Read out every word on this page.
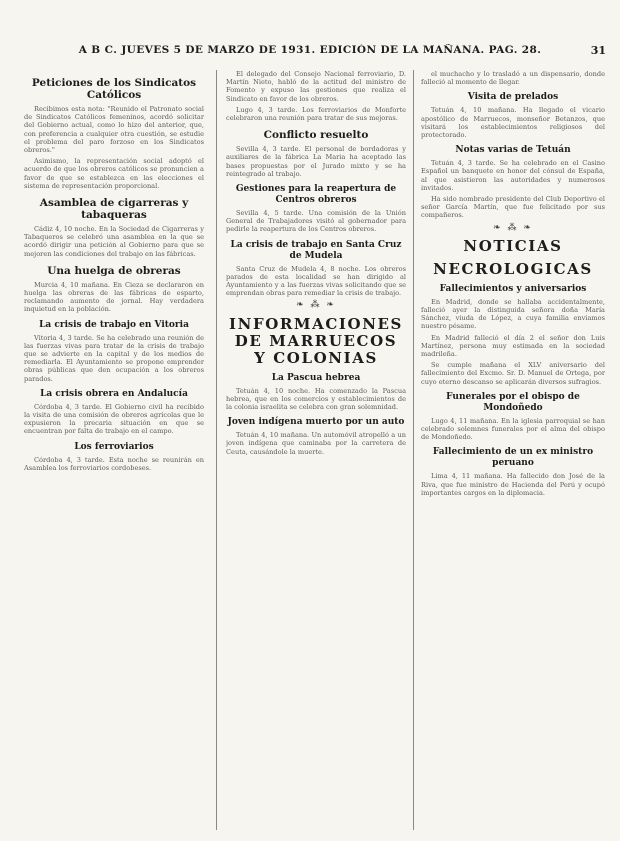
A B C. JUEVES 5 DE MARZO DE 1931. EDICIÓN DE LA MAÑANA. PAG. 28.	31
Peticiones de los Sindicatos Católicos

Recibimos esta nota: "Reunido el Patronato social de Sindicatos Católicos femeninos, acordó solicitar del Gobierno actual, como lo hizo del anterior, que, con preferencia a cualquier otra cuestión, se estudie el problema del paro forzoso en los Sindicatos obreros."

Asimismo, la representación social adoptó el acuerdo de que los obreros católicos se pronuncien a favor de que se establezca en las elecciones el sistema de representación proporcional.

Asamblea de cigarreras y tabaqueras

Cádiz 4, 10 noche. En la Sociedad de Cigarreras y Tabaqueros se celebró una asamblea en la que se acordó dirigir una petición al Gobierno para que se mejoren las condiciones del trabajo en las fábricas.

Una huelga de obreras

Murcia 4, 10 mañana. En Cieza se declararon en huelga las obreras de las fábricas de esparto, reclamando aumento de jornal. Hay verdadera inquietud en la población.

La crisis de trabajo en Vitoria

Vitoria 4, 3 tarde. Se ha celebrado una reunión de las fuerzas vivas para tratar de la crisis de trabajo que se advierte en la capital y de los medios de remediarla. El Ayuntamiento se propone emprender obras públicas que den ocupación a los obreros parados.

La crisis obrera en Andalucía

Córdoba 4, 3 tarde. El Gobierno civil ha recibido la visita de una comisión de obreros agrícolas que le expusieron la precaria situación en que se encuentran por falta de trabajo en el campo.

Los ferroviarios

Córdoba 4, 3 tarde. Esta noche se reunirán en Asamblea los ferroviarios cordobeses.

El delegado del Consejo Nacional ferroviario, D. Martín Nieto, habló de la actitud del ministro de Fomento y expuso las gestiones que realiza el Sindicato en favor de los obreros.

Lugo 4, 3 tarde. Los ferroviarios de Monforte celebraron una reunión para tratar de sus mejoras.

Conflicto resuelto

Sevilla 4, 3 tarde. El personal de bordadoras y auxiliares de la fábrica La Maria ha aceptado las bases propuestas por el Jurado mixto y se ha reintegrado al trabajo.

Gestiones para la reapertura de Centros obreros

Sevilla 4, 5 tarde. Una comisión de la Unión General de Trabajadores visitó al gobernador para pedirle la reapertura de los Centros obreros.

La crisis de trabajo en Santa Cruz de Mudela

Santa Cruz de Mudela 4, 8 noche. Los obreros parados de esta localidad se han dirigido al Ayuntamiento y a las fuerzas vivas solicitando que se emprendan obras para remediar la crisis de trabajo.

❧ ⁂ ❧
INFORMACIONES DE MARRUECOS Y COLONIAS
La Pascua hebrea

Tetuán 4, 10 noche. Ha comenzado la Pascua hebrea, que en los comercios y establecimientos de la colonia israelita se celebra con gran solemnidad.

Joven indígena muerto por un auto

Tetuán 4, 10 mañana. Un automóvil atropelló a un joven indígena que caminaba por la carretera de Ceuta, causándole la muerte.

el muchacho y lo trasladó a un dispensario, donde falleció al momento de llegar.

Visita de prelados

Tetuán 4, 10 mañana. Ha llegado el vicario apostólico de Marruecos, monseñor Betanzos, que visitará los establecimientos religiosos del protectorado.

Notas varias de Tetuán

Tetuán 4, 3 tarde. Se ha celebrado en el Casino Español un banquete en honor del cónsul de España, al que asistieron las autoridades y numerosos invitados.

Ha sido nombrado presidente del Club Deportivo el señor García Martín, que fue felicitado por sus compañeros.

❧ ⁂ ❧
NOTICIAS
NECROLOGICAS
Fallecimientos y aniversarios

En Madrid, donde se hallaba accidentalmente, falleció ayer la distinguida señora doña María Sánchez, viuda de López, a cuya familia enviamos nuestro pésame.

En Madrid falleció el día 2 el señor don Luis Martínez, persona muy estimada en la sociedad madrileña.

Se cumple mañana el XLV aniversario del fallecimiento del Excmo. Sr. D. Manuel de Ortega, por cuyo eterno descanso se aplicarán diversos sufragios.

Funerales por el obispo de Mondoñedo

Lugo 4, 11 mañana. En la iglesia parroquial se han celebrado solemnes funerales por el alma del obispo de Mondoñedo.

Fallecimiento de un ex ministro peruano

Lima 4, 11 mañana. Ha fallecido don José de la Riva, que fue ministro de Hacienda del Perú y ocupó importantes cargos en la diplomacia.
